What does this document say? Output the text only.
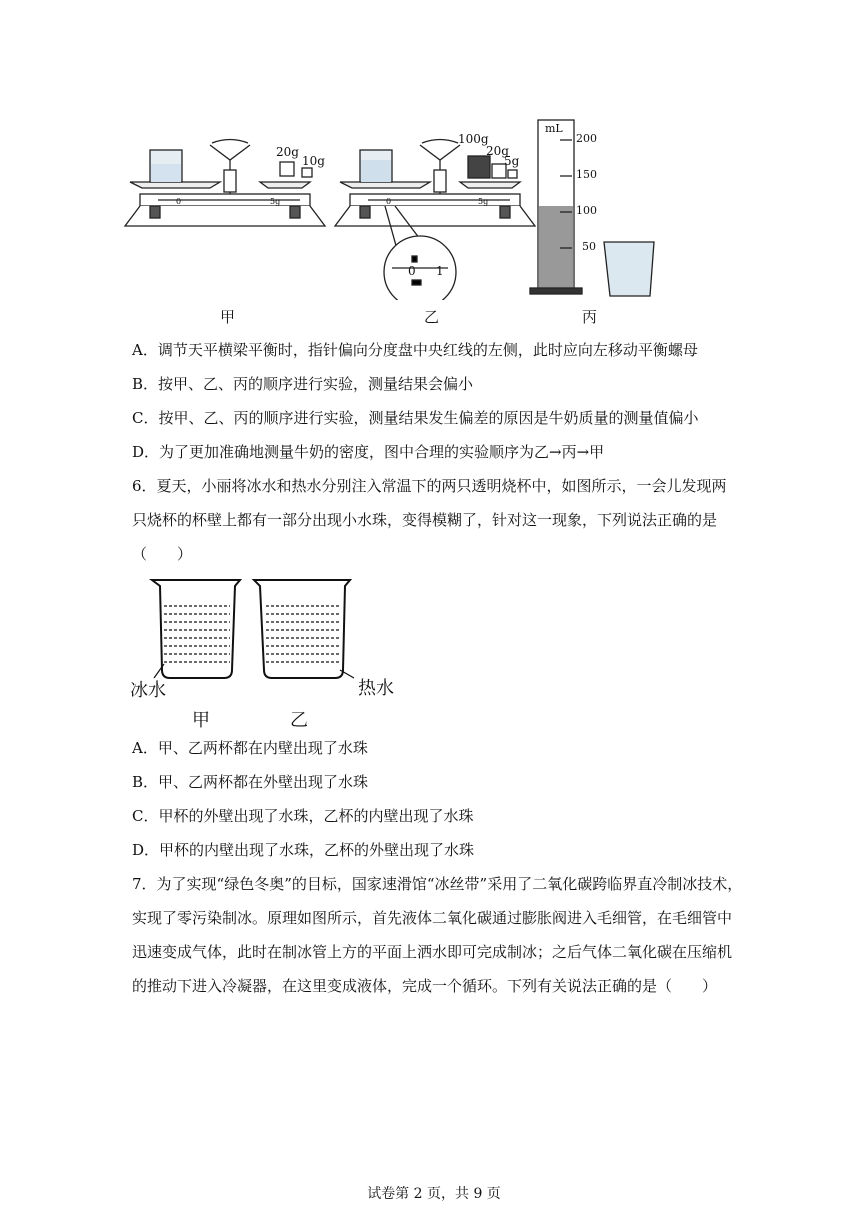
20g
10g
100g
20g
5g
mL
200
150
100
50
0	5g	0	5g
0 1
甲	乙	丙
A．调节天平横梁平衡时，指针偏向分度盘中央红线的左侧，此时应向左移动平衡螺母
B．按甲、乙、丙的顺序进行实验，测量结果会偏小
C．按甲、乙、丙的顺序进行实验，测量结果发生偏差的原因是牛奶质量的测量值偏小
D．为了更加准确地测量牛奶的密度，图中合理的实验顺序为乙→丙→甲
6．夏天，小丽将冰水和热水分别注入常温下的两只透明烧杯中，如图所示，一会儿发现两
只烧杯的杯壁上都有一部分出现小水珠，变得模糊了，针对这一现象，下列说法正确的是
（　　）
冰水	热水
甲	乙
A．甲、乙两杯都在内壁出现了水珠
B．甲、乙两杯都在外壁出现了水珠
C．甲杯的外壁出现了水珠，乙杯的内壁出现了水珠
D．甲杯的内壁出现了水珠，乙杯的外壁出现了水珠
7．为了实现“绿色冬奥”的目标，国家速滑馆“冰丝带”采用了二氧化碳跨临界直冷制冰技术，
实现了零污染制冰。原理如图所示，首先液体二氧化碳通过膨胀阀进入毛细管，在毛细管中
迅速变成气体，此时在制冰管上方的平面上洒水即可完成制冰；之后气体二氧化碳在压缩机
的推动下进入冷凝器，在这里变成液体，完成一个循环。下列有关说法正确的是（　　）
试卷第 2 页，共 9 页
